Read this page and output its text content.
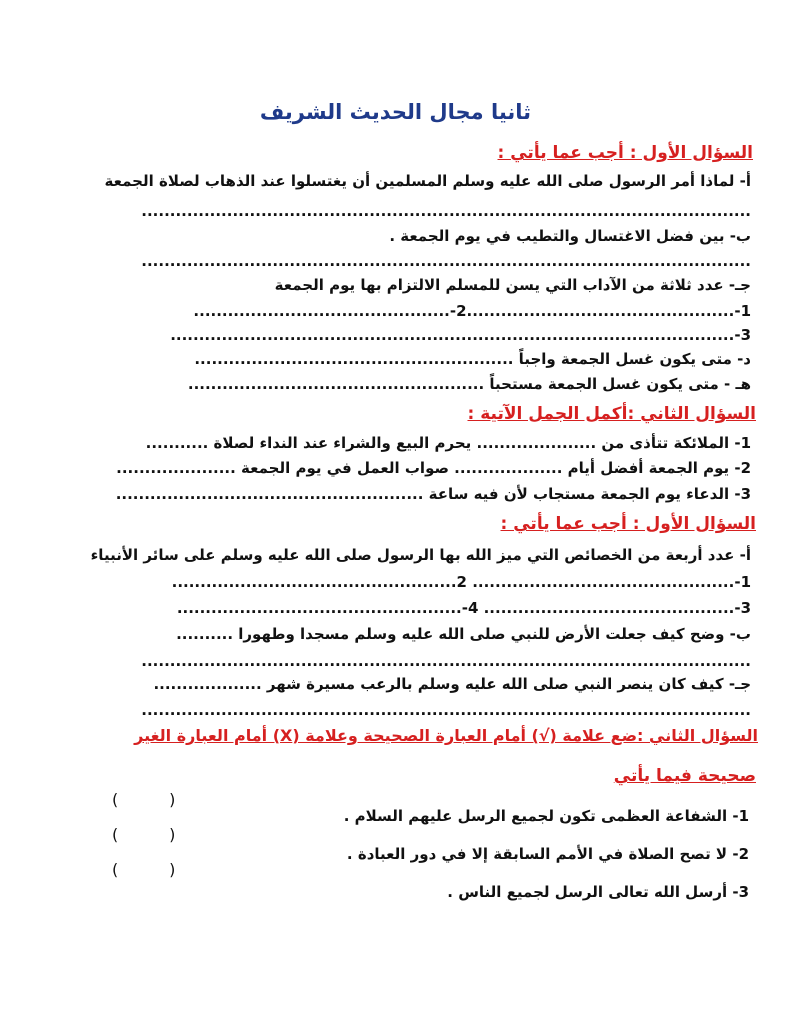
ثانيا مجال الحديث الشريف
السؤال الأول : أجب عما يأتي :
أ- لماذا أمر الرسول صلى الله عليه وسلم المسلمين أن يغتسلوا عند الذهاب لصلاة الجمعة
...........................................................................................................
ب- بين فضل الاغتسال والتطيب في يوم الجمعة .
...........................................................................................................
جـ- عدد ثلاثة من الآداب التي يسن للمسلم الالتزام بها يوم الجمعة
1-...............................................2-.............................................
3-...................................................................................................
د- متى يكون غسل الجمعة واجباً ........................................................
هـ - متى يكون غسل الجمعة مستحباً ....................................................
السؤال الثاني :أكمل الجمل الآتية :
1- الملائكة تتأذى من ..................... يحرم البيع والشراء عند النداء لصلاة ...........
2- يوم الجمعة أفضل أيام ................... صواب العمل في يوم الجمعة .....................
3- الدعاء يوم الجمعة مستجاب لأن فيه ساعة ......................................................
السؤال الأول : أجب عما يأتي :
أ- عدد أربعة من الخصائص التي ميز الله بها الرسول صلى الله عليه وسلم على سائر الأنبياء
1-.............................................. 2..................................................
3-............................................ 4-..................................................
ب- وضح كيف جعلت الأرض للنبي صلى الله عليه وسلم مسجدا وطهورا ..........
...........................................................................................................
جـ- كيف كان ينصر النبي صلى الله عليه وسلم بالرعب مسيرة شهر ...................
...........................................................................................................
السؤال الثاني :ضع علامة (√) أمام العبارة الصحيحة وعلامة (X) أمام العبارة الغير
صحيحة فيما يأتي
1- الشفاعة العظمى تكون لجميع الرسل عليهم السلام .
2- لا تصح الصلاة في الأمم السابقة إلا في دور العبادة .
3- أرسل الله تعالى الرسل لجميع الناس .
(          )
(          )
(          )
